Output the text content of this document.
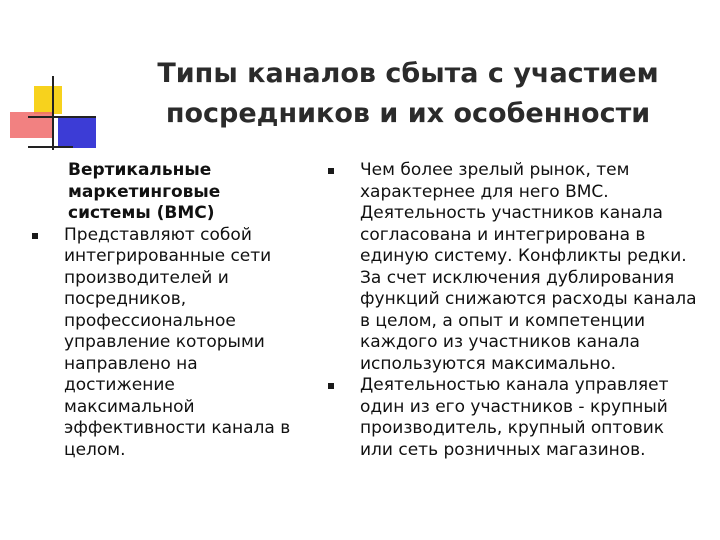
Типы каналов сбыта с участием посредников и их особенности
Вертикальные маркетинговые системы (ВМС)
Представляют собой интегрированные сети производителей и посредников, профессиональное управление которыми направлено на достижение максимальной эффективности канала в целом.
Чем более зрелый рынок, тем характернее для него ВМС. Деятельность участников канала согласована и интегрирована в единую систему. Конфликты редки. За счет исключения дублирования функций снижаются расходы канала в целом, а опыт и компетенции каждого из участников канала используются максимально.
Деятельностью канала управляет один из его участников - крупный производитель, крупный оптовик или сеть розничных магазинов.
